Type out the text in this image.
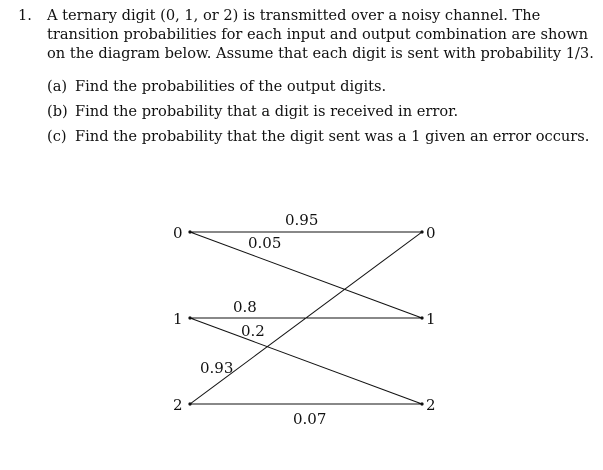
1. A ternary digit (0, 1, or 2) is transmitted over a noisy channel. The transition probabilities for each input and output combination are shown on the diagram below. Assume that each digit is sent with probability 1/3.
(a) Find the probabilities of the output digits.
(b) Find the probability that a digit is received in error.
(c) Find the probability that the digit sent was a 1 given an error occurs.
0
1
2
0
1
2
0.95
0.05
0.8
0.2
0.93
0.07
